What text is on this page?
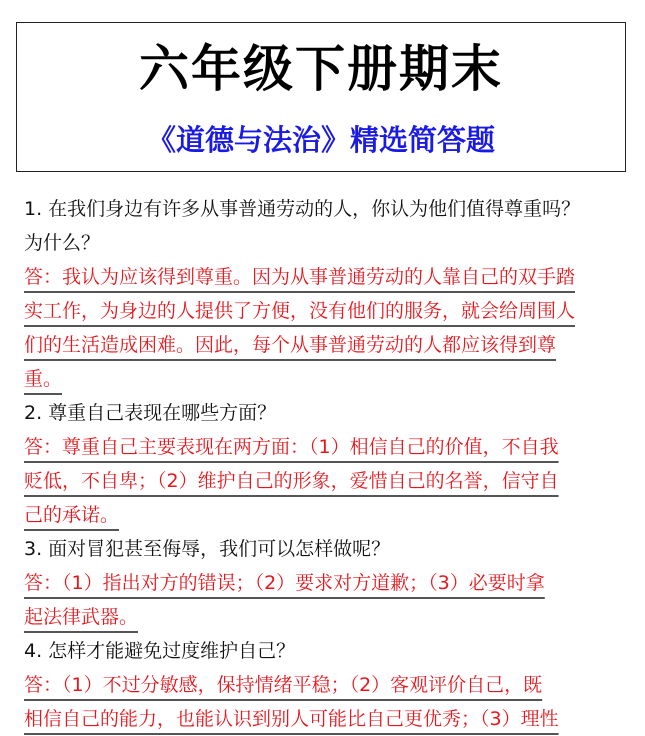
六年级下册期末
《道德与法治》精选简答题
1. 在我们身边有许多从事普通劳动的人，你认为他们值得尊重吗？
为什么？
答：我认为应该得到尊重。因为从事普通劳动的人靠自己的双手踏
实工作，为身边的人提供了方便，没有他们的服务，就会给周围人
们的生活造成困难。因此，每个从事普通劳动的人都应该得到尊
重。
2. 尊重自己表现在哪些方面？
答：尊重自己主要表现在两方面：（1）相信自己的价值，不自我
贬低，不自卑；（2）维护自己的形象，爱惜自己的名誉，信守自
己的承诺。
3. 面对冒犯甚至侮辱，我们可以怎样做呢？
答：（1）指出对方的错误；（2）要求对方道歉；（3）必要时拿
起法律武器。
4. 怎样才能避免过度维护自己？
答：（1）不过分敏感，保持情绪平稳；（2）客观评价自己，既
相信自己的能力，也能认识到别人可能比自己更优秀；（3）理性
